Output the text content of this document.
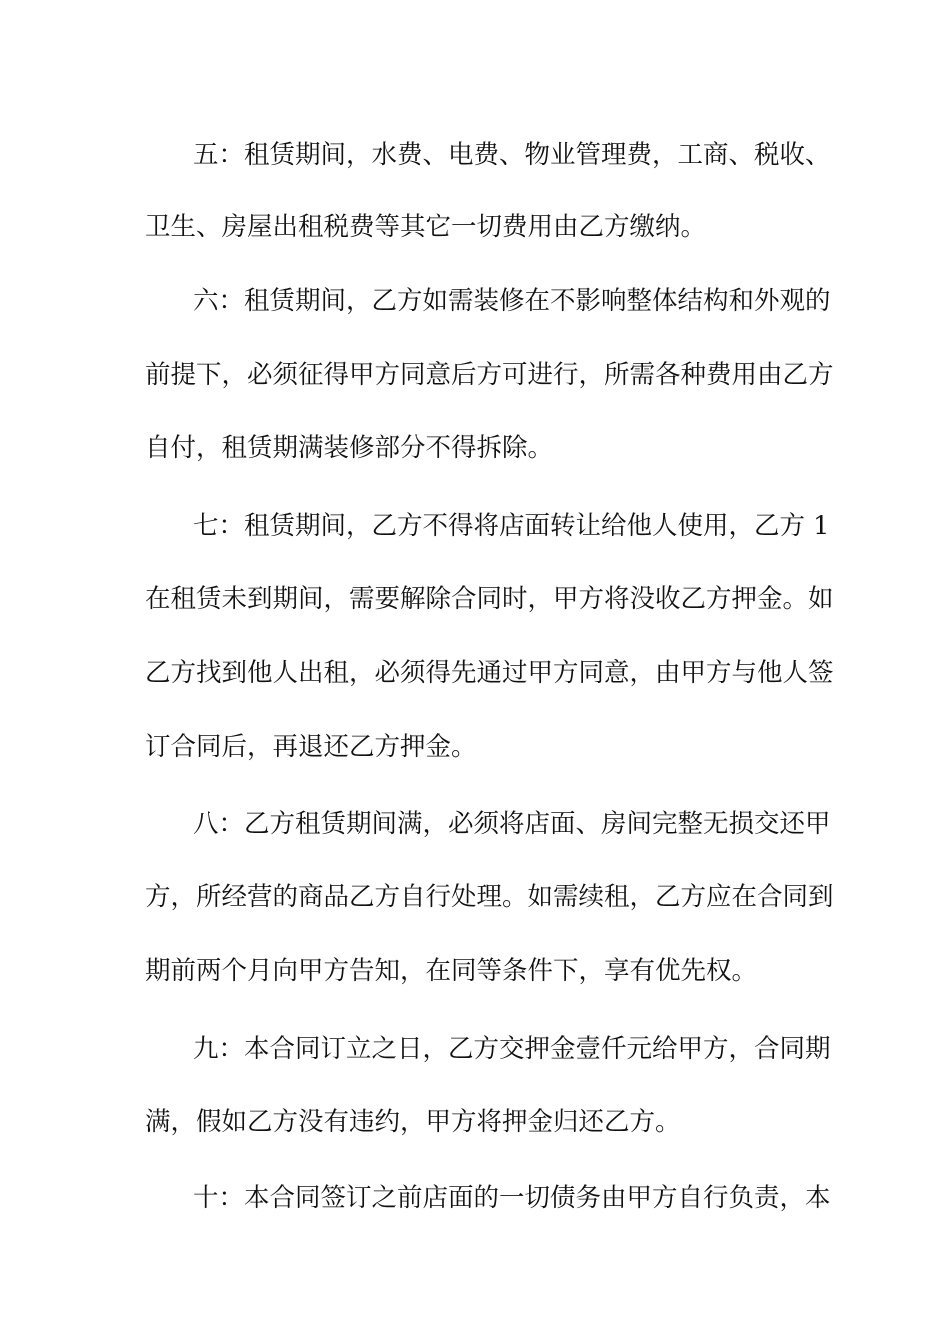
五：租赁期间，水费、电费、物业管理费，工商、税收、
卫生、房屋出租税费等其它一切费用由乙方缴纳。
六：租赁期间，乙方如需装修在不影响整体结构和外观的
前提下，必须征得甲方同意后方可进行，所需各种费用由乙方
自付，租赁期满装修部分不得拆除。
七：租赁期间，乙方不得将店面转让给他人使用，乙方 1
在租赁未到期间，需要解除合同时，甲方将没收乙方押金。如
乙方找到他人出租，必须得先通过甲方同意，由甲方与他人签
订合同后，再退还乙方押金。
八：乙方租赁期间满，必须将店面、房间完整无损交还甲
方，所经营的商品乙方自行处理。如需续租，乙方应在合同到
期前两个月向甲方告知，在同等条件下，享有优先权。
九：本合同订立之日，乙方交押金壹仟元给甲方，合同期
满，假如乙方没有违约，甲方将押金归还乙方。
十：本合同签订之前店面的一切债务由甲方自行负责，本
